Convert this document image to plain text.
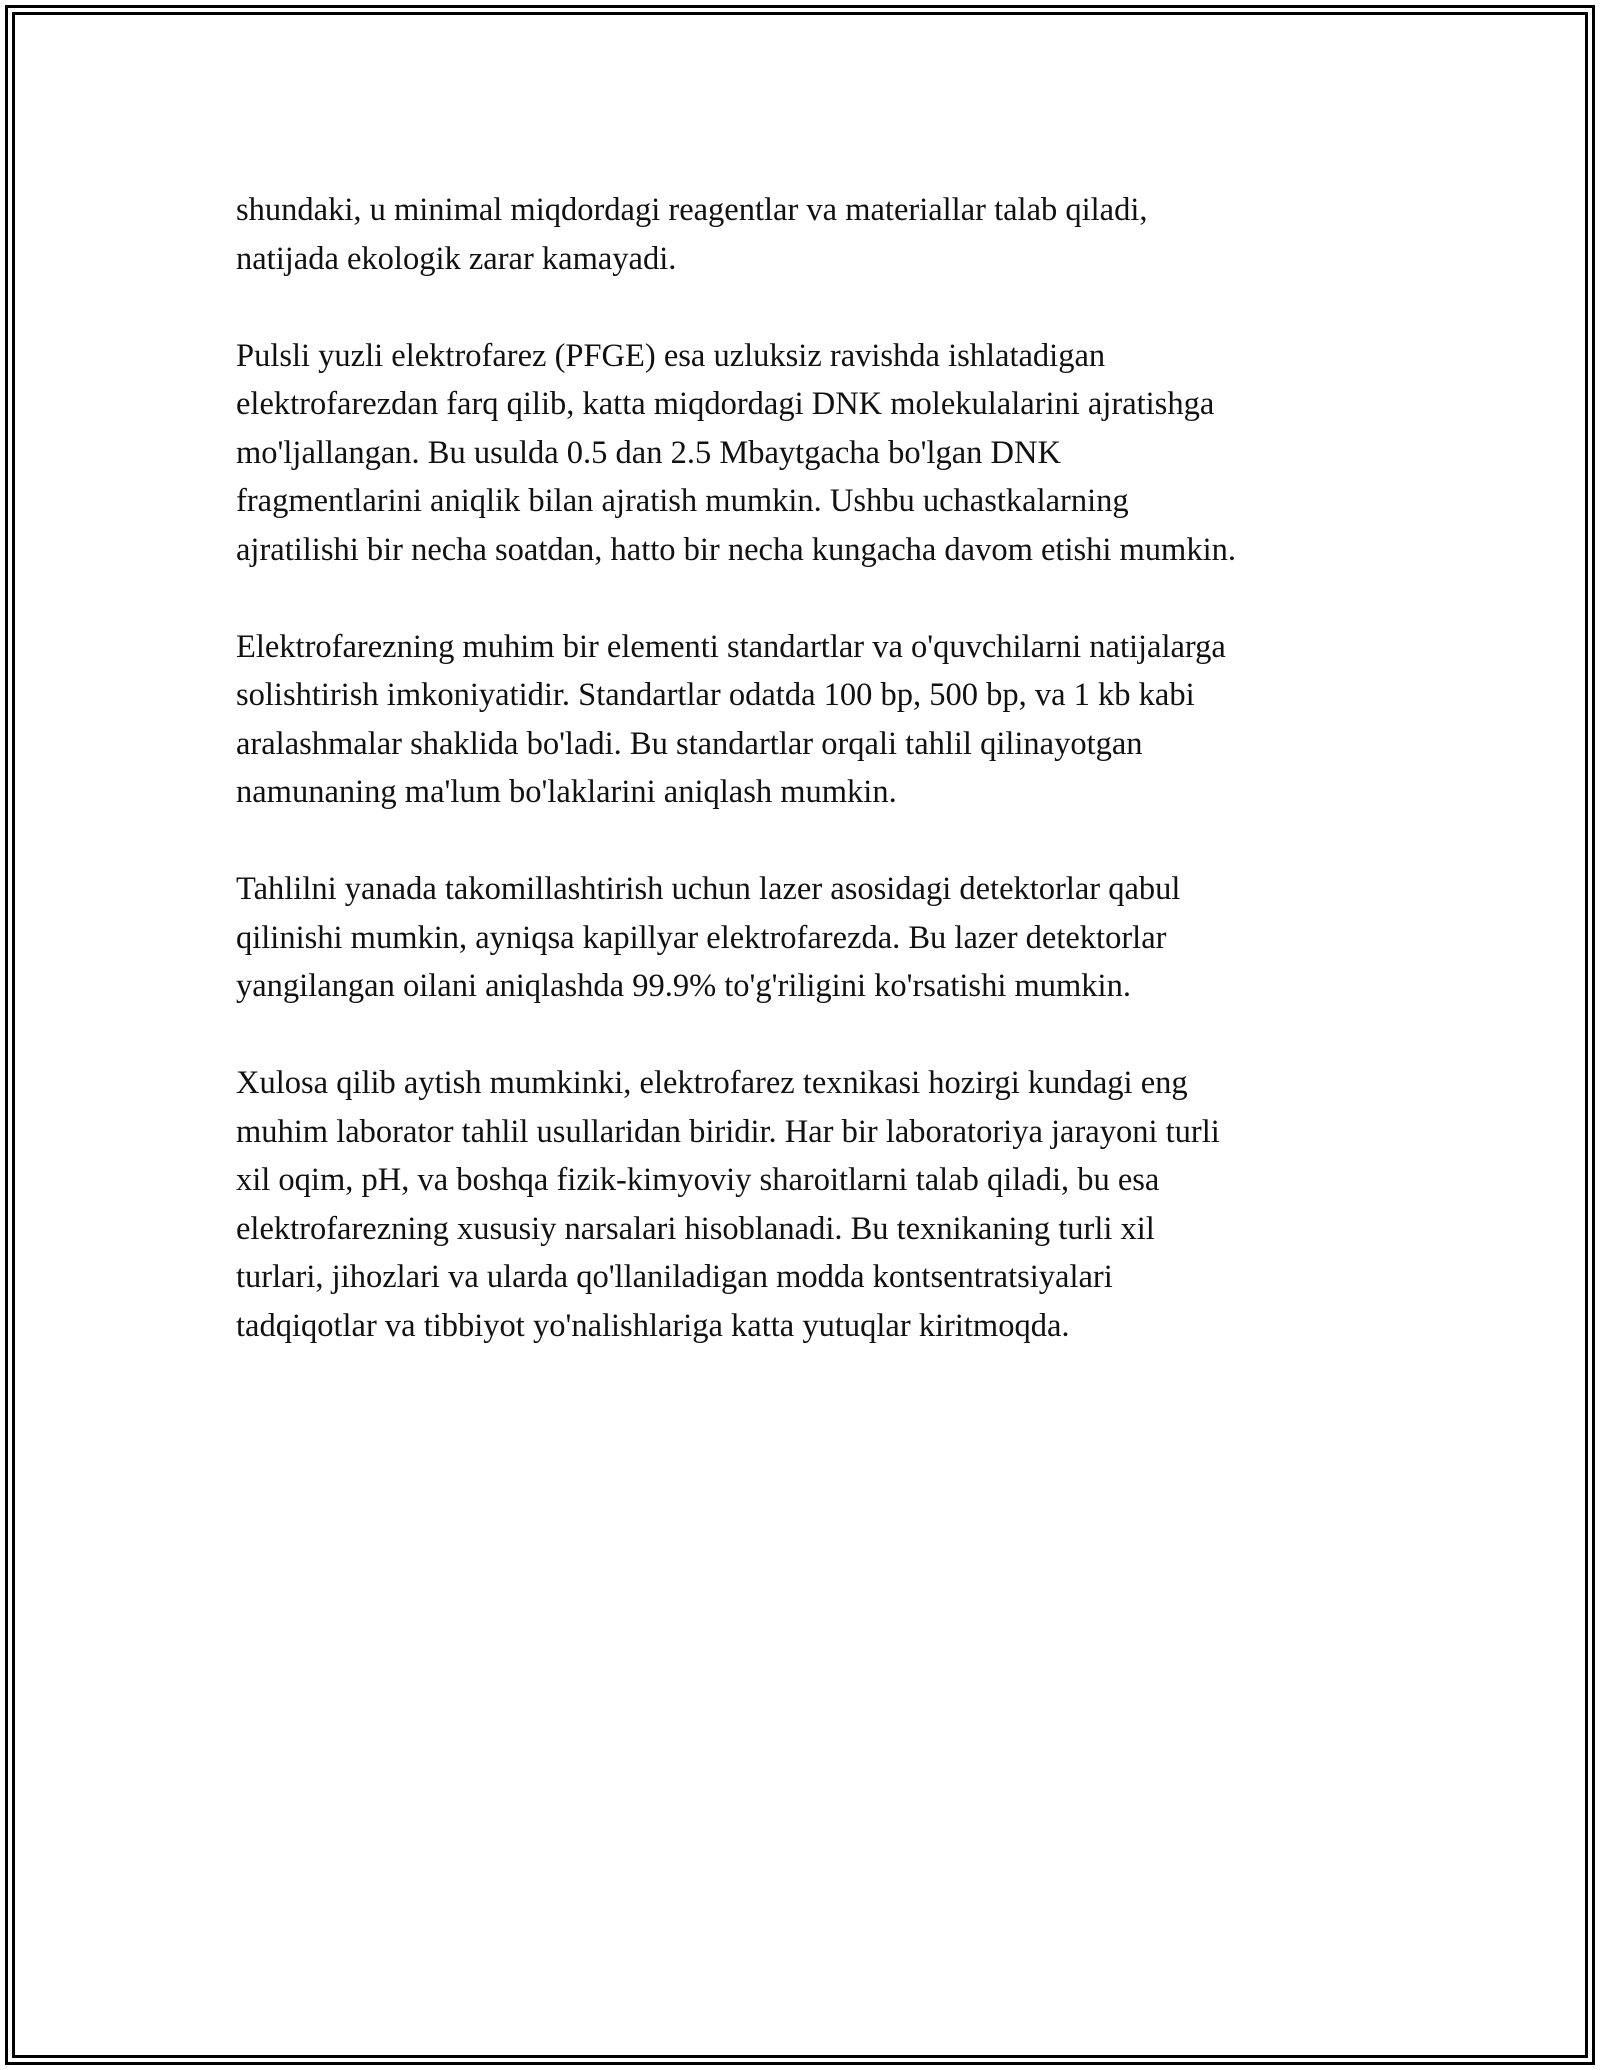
shundaki, u minimal miqdordagi reagentlar va materiallar talab qiladi,
natijada ekologik zarar kamayadi.

Pulsli yuzli elektrofarez (PFGE) esa uzluksiz ravishda ishlatadigan
elektrofarezdan farq qilib, katta miqdordagi DNK molekulalarini ajratishga
mo'ljallangan. Bu usulda 0.5 dan 2.5 Mbaytgacha bo'lgan DNK
fragmentlarini aniqlik bilan ajratish mumkin. Ushbu uchastkalarning
ajratilishi bir necha soatdan, hatto bir necha kungacha davom etishi mumkin.

Elektrofarezning muhim bir elementi standartlar va o'quvchilarni natijalarga
solishtirish imkoniyatidir. Standartlar odatda 100 bp, 500 bp, va 1 kb kabi
aralashmalar shaklida bo'ladi. Bu standartlar orqali tahlil qilinayotgan
namunaning ma'lum bo'laklarini aniqlash mumkin.

Tahlilni yanada takomillashtirish uchun lazer asosidagi detektorlar qabul
qilinishi mumkin, ayniqsa kapillyar elektrofarezda. Bu lazer detektorlar
yangilangan oilani aniqlashda 99.9% to'g'riligini ko'rsatishi mumkin.

Xulosa qilib aytish mumkinki, elektrofarez texnikasi hozirgi kundagi eng
muhim laborator tahlil usullaridan biridir. Har bir laboratoriya jarayoni turli
xil oqim, pH, va boshqa fizik-kimyoviy sharoitlarni talab qiladi, bu esa
elektrofarezning xususiy narsalari hisoblanadi. Bu texnikaning turli xil
turlari, jihozlari va ularda qo'llaniladigan modda kontsentratsiyalari
tadqiqotlar va tibbiyot yo'nalishlariga katta yutuqlar kiritmoqda.
